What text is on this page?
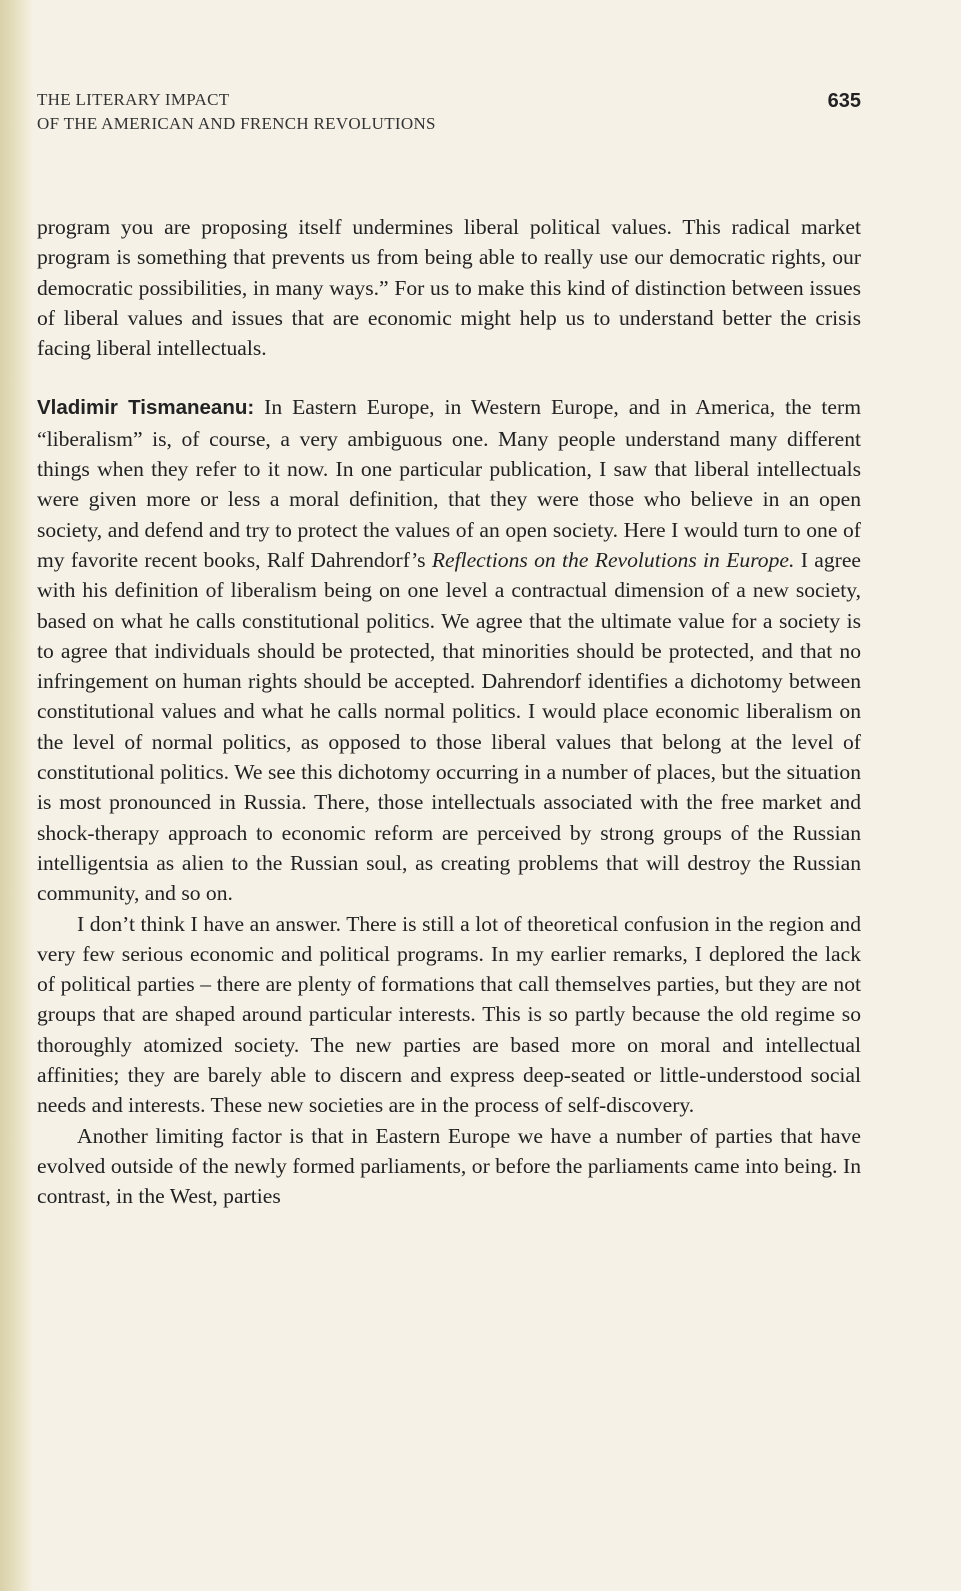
THE LITERARY IMPACT
OF THE AMERICAN AND FRENCH REVOLUTIONS
635

program you are proposing itself undermines liberal political values. This radical market program is something that prevents us from being able to really use our democratic rights, our democratic possibilities, in many ways.” For us to make this kind of distinction between issues of liberal values and issues that are economic might help us to understand better the crisis facing liberal intellectuals.

Vladimir Tismaneanu: In Eastern Europe, in Western Europe, and in America, the term “liberalism” is, of course, a very ambiguous one. Many people understand many different things when they refer to it now. In one particular publication, I saw that liberal intellectuals were given more or less a moral definition, that they were those who believe in an open society, and defend and try to protect the values of an open society. Here I would turn to one of my favorite recent books, Ralf Dahrendorf’s Reflections on the Revolutions in Europe. I agree with his definition of liberalism being on one level a contractual dimension of a new society, based on what he calls constitutional politics. We agree that the ultimate value for a society is to agree that individuals should be protected, that minorities should be protected, and that no infringement on human rights should be accepted. Dahrendorf identifies a dichotomy between constitutional values and what he calls normal politics. I would place economic liberalism on the level of normal politics, as opposed to those liberal values that belong at the level of constitutional politics. We see this dichotomy occurring in a number of places, but the situation is most pronounced in Russia. There, those intellectuals associated with the free market and shock-therapy approach to economic reform are perceived by strong groups of the Russian intelligentsia as alien to the Russian soul, as creating problems that will destroy the Russian community, and so on.

I don’t think I have an answer. There is still a lot of theoretical confusion in the region and very few serious economic and political programs. In my earlier remarks, I deplored the lack of political parties – there are plenty of formations that call themselves parties, but they are not groups that are shaped around particular interests. This is so partly because the old regime so thoroughly atomized society. The new parties are based more on moral and intellectual affinities; they are barely able to discern and express deep-seated or little-understood social needs and interests. These new societies are in the process of self-discovery.

Another limiting factor is that in Eastern Europe we have a number of parties that have evolved outside of the newly formed parliaments, or before the parliaments came into being. In contrast, in the West, parties
